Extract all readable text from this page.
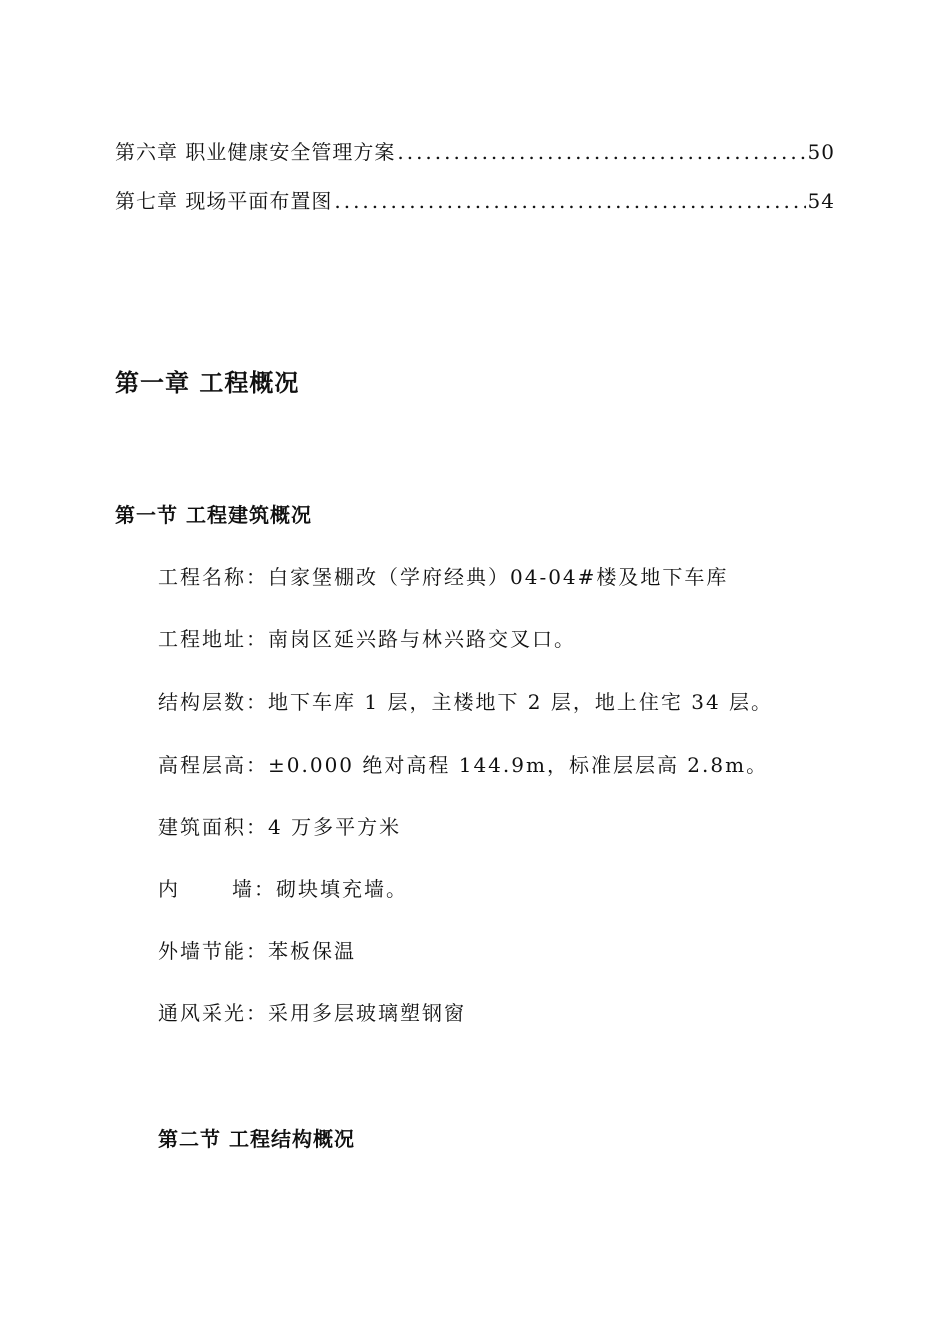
第六章 职业健康安全管理方案 .....	50
第七章 现场平面布置图 .....	54
第一章 工程概况
第一节 工程建筑概况

工程名称：白家堡棚改（学府经典）04-04#楼及地下车库

工程地址：南岗区延兴路与林兴路交叉口。

结构层数：地下车库 1 层，主楼地下 2 层，地上住宅 34 层。

高程层高：±0.000 绝对高程 144.9m，标准层层高 2.8m。

建筑面积：4 万多平方米

内	墙：砌块填充墙。

外墙节能：苯板保温

通风采光：采用多层玻璃塑钢窗

第二节 工程结构概况
